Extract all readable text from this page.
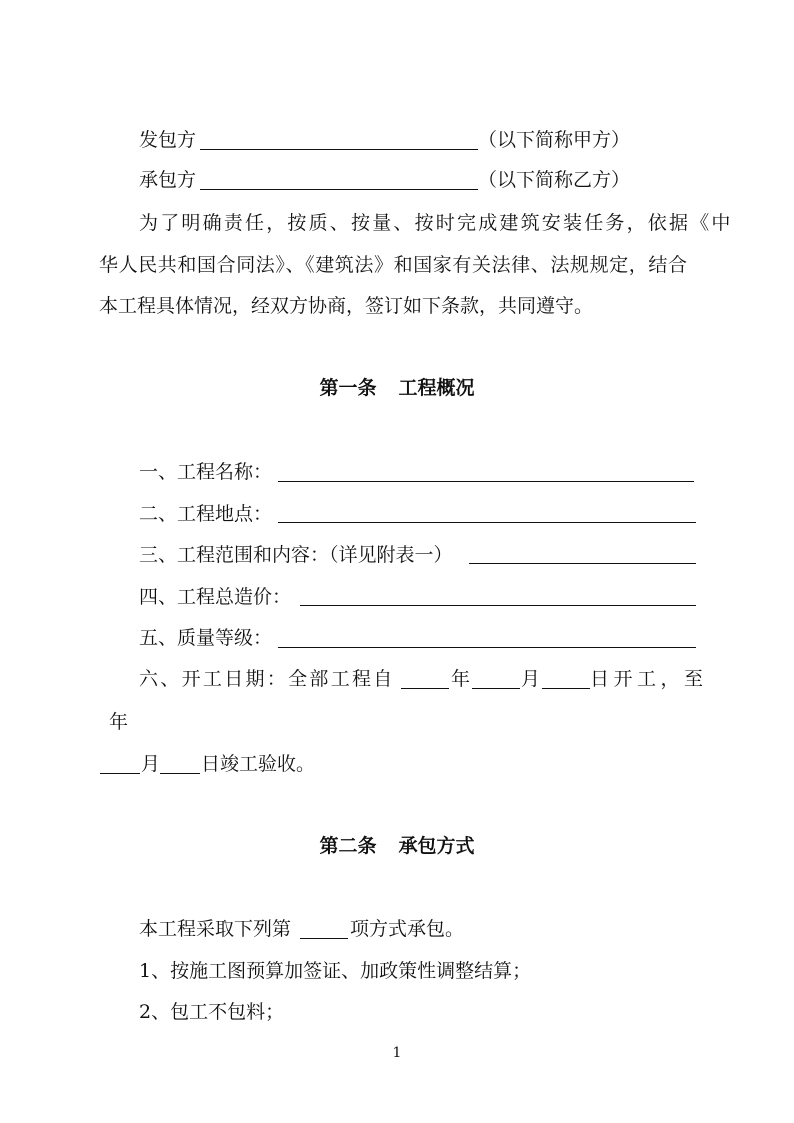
发包方	（以下简称甲方）
承包方	（以下简称乙方）
为了明确责任，按质、按量、按时完成建筑安装任务，依据《中
华人民共和国合同法》、《建筑法》和国家有关法律、法规规定，结合
本工程具体情况，经双方协商，签订如下条款，共同遵守。
第一条 工程概况
一、工程名称：
二、工程地点：
三、工程范围和内容：（详见附表一）
四、工程总造价：
五、质量等级：
六、开工日期：全部工程自	年	月	日开工，至
年
月 日竣工验收。
第二条 承包方式
本工程采取下列第	项方式承包。
1、按施工图预算加签证、加政策性调整结算；
2、包工不包料；
1
